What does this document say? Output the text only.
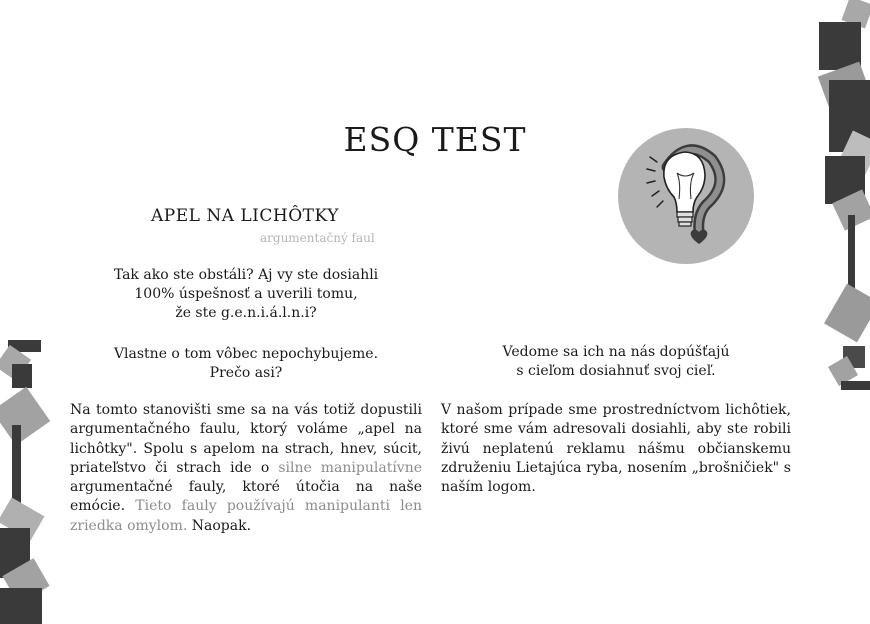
ESQ TEST
APEL NA LICHÔTKY
argumentačný faul
Tak ako ste obstáli? Aj vy ste dosiahli
100% úspešnosť a uverili tomu,
že ste g.e.n.i.á.l.n.i?
Vlastne o tom vôbec nepochybujeme.
Prečo asi?
Vedome sa ich na nás dopúšťajú
s cieľom dosiahnuť svoj cieľ.
Na tomto stanovišti sme sa na vás totiž dopustili argumentačného faulu, ktorý voláme „apel na lichôtky". Spolu s apelom na strach, hnev, súcit, priateľstvo či strach ide o silne manipulatívne argumentačné fauly, ktoré útočia na naše emócie. Tieto fauly používajú manipulanti len zriedka omylom. Naopak.
V našom prípade sme prostredníctvom lichôtiek, ktoré sme vám adresovali dosiahli, aby ste robili živú neplatenú reklamu nášmu občianskemu združeniu Lietajúca ryba, nosením „brošničiek" s naším logom.
